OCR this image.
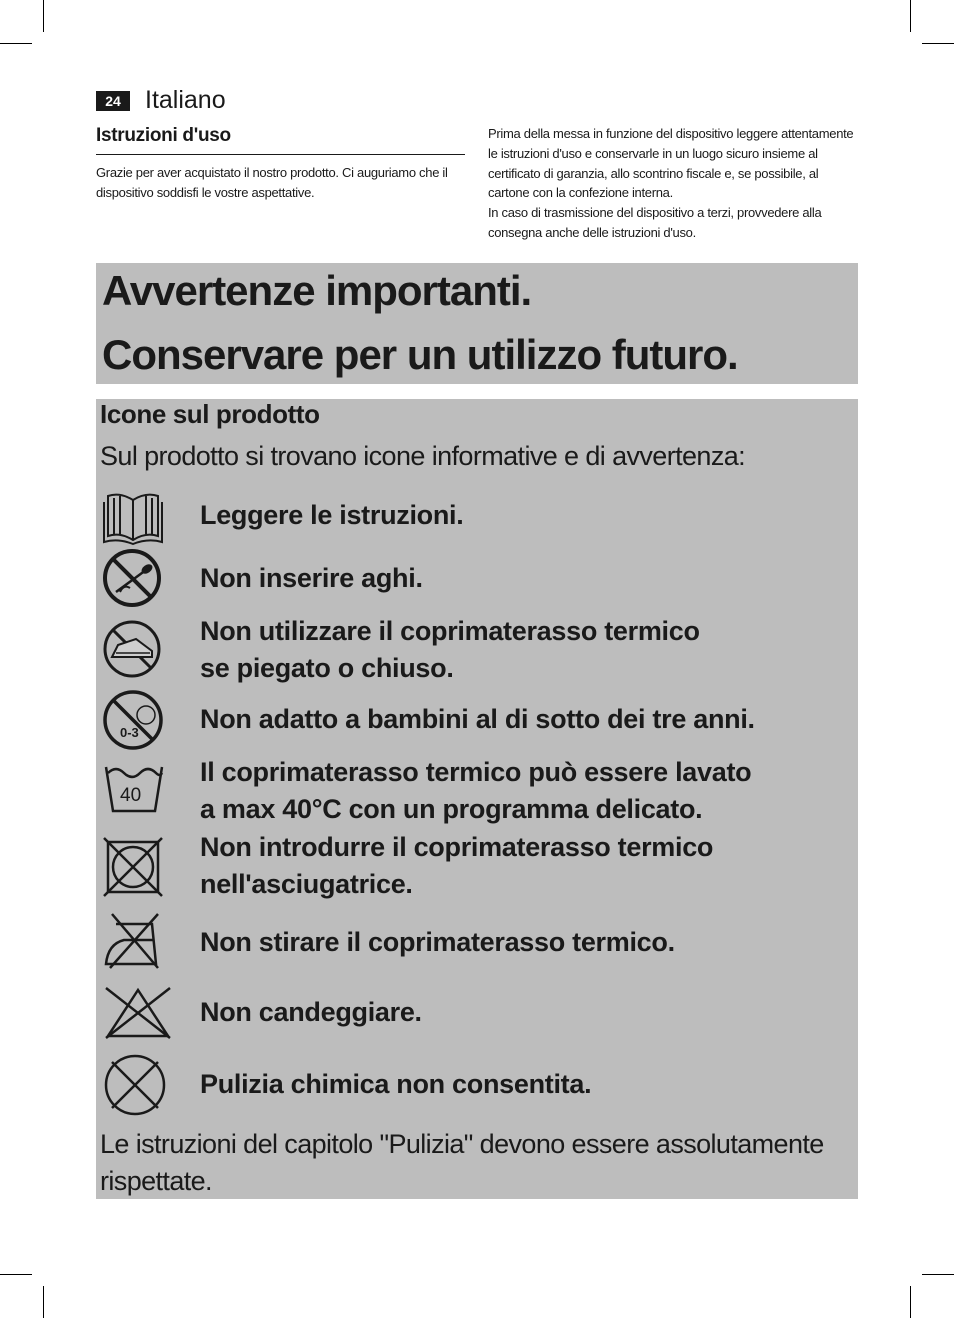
24 Italiano
Istruzioni d'uso
Grazie per aver acquistato il nostro prodotto. Ci auguriamo che il dispositivo soddisfi le vostre aspettative.
Prima della messa in funzione del dispositivo leggere attentamente le istruzioni d'uso e conservarle in un luogo sicuro insieme al certificato di garanzia, allo scontrino fiscale e, se possibile, al cartone con la confezione interna.
In caso di trasmissione del dispositivo a terzi, provvedere alla consegna anche delle istruzioni d'uso.
Avvertenze importanti.
Conservare per un utilizzo futuro.
Icone sul prodotto
Sul prodotto si trovano icone informative e di avvertenza:
Leggere le istruzioni.
Non inserire aghi.
Non utilizzare il coprimaterasso termico
se piegato o chiuso.
0-3 Non adatto a bambini al di sotto dei tre anni.
40
Il coprimaterasso termico può essere lavato
a max 40°C con un programma delicato.
Non introdurre il coprimaterasso termico
nell'asciugatrice.
Non stirare il coprimaterasso termico.
Non candeggiare.
Pulizia chimica non consentita.
Le istruzioni del capitolo "Pulizia" devono essere assolutamente rispettate.
